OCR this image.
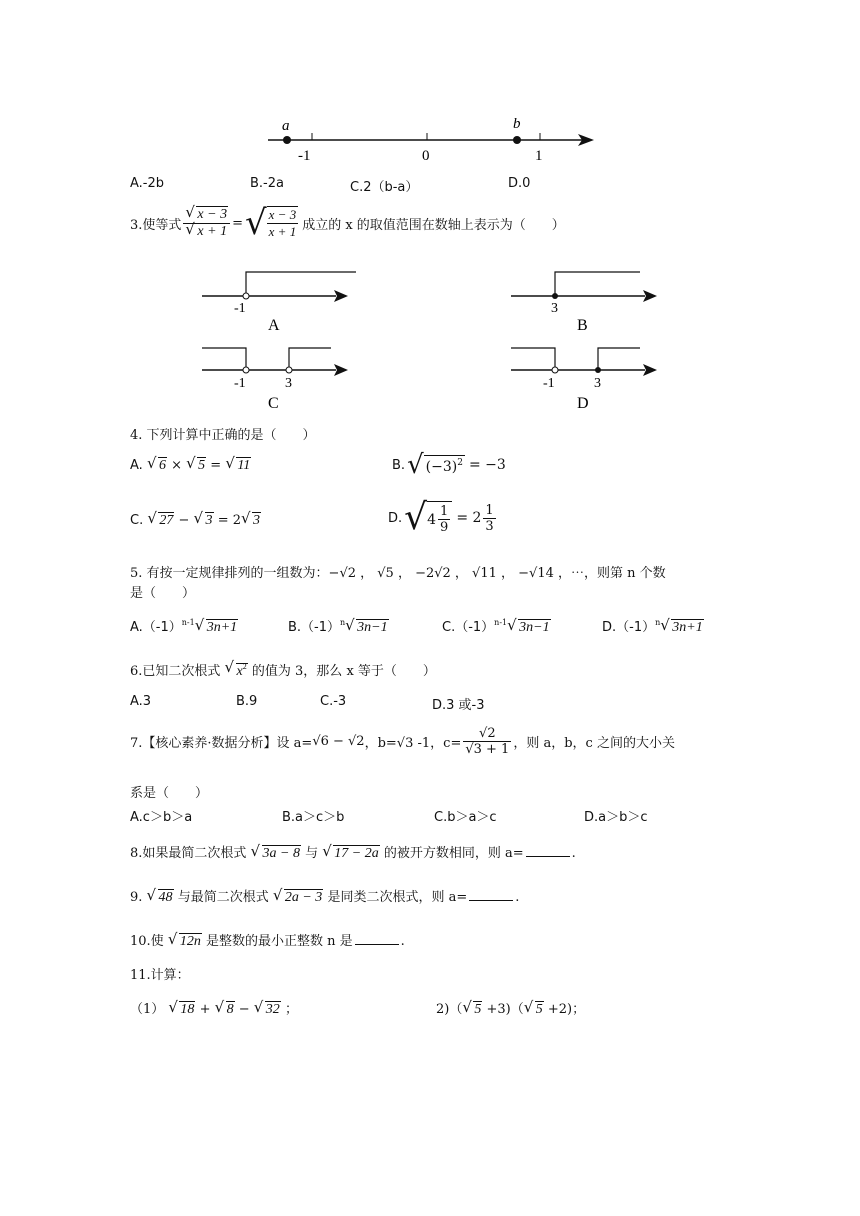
a	b
-1	0	1
A.-2b	B.-2a	C.2（b-a）	D.0
3.使等式 $\frac{√ x - 3}{√ x + 1}$ = √ $\frac{x - 3}{x + 1}$ 成立的 x 的取值范围在数轴上表示为（　　）
-1
A
3
B
-1	3
C
-1	3
D
4. 下列计算中正确的是（　　）
A. √ 6 × √ 5 = √ 11	B. √ $(-3)^2 = -3$
C. √ 27 − √ 3 = 2 √ 3	D. √ $4 \frac{1}{9} = 2 \frac{1}{3}$
5. 有按一定规律排列的一组数为：−√2 ， √5 ， −2√2 ， √11 ， −√14 ，⋯，则第 n 个数
是（　　）
$A.(-1)^{n-1}$ √ 3n+1	$B.(-1)^n$ √ 3n−1	$C.(-1)^{n-1}$ √ 3n−1	$D.(-1)^n$ √ 3n+1
6.已知二次根式 √ $x^2$ 的值为 3，那么 x 等于（　　）
A.3	B.9	C.-3	D.3 或-3
7.【核心素养·数据分析】设 a= √6 − √2 ，b=√3 -1，$c= \frac{√2}{√3 + 1}$ ，则 a，b，c 之间的大小关
系是（　　）
A.c＞b＞a	B.a＞c＞b	C.b＞a＞c	D.a＞b＞c
8.如果最简二次根式 √ 3a − 8 与 √ 17 − 2a 的被开方数相同，则 a=	.
9. √ 48 与最简二次根式 √ 2a − 3 是同类二次根式，则 a=	.
10.使 √ 12n 是整数的最小正整数 n 是	.
11.计算：
（1） √ 18 + √ 8 − √ 32 ；	2)（ √ 5 +3)（ √ 5 +2)；
